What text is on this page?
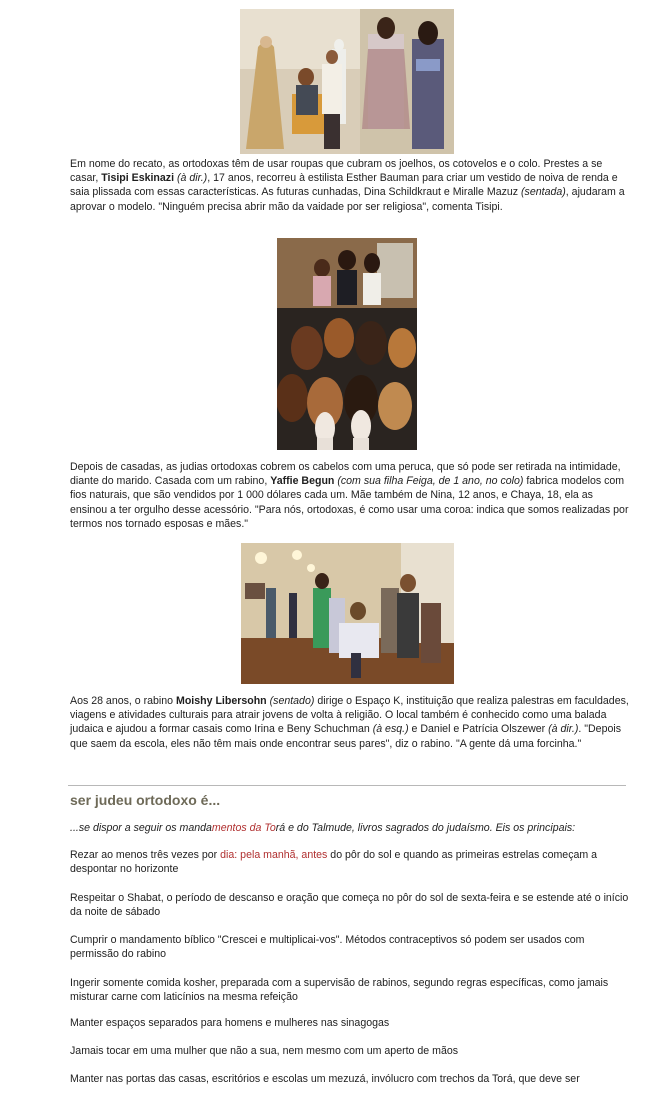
Em nome do recato, as ortodoxas têm de usar roupas que cubram os joelhos, os cotovelos e o colo. Prestes a se casar, Tisipi Eskinazi (à dir.), 17 anos, recorreu à estilista Esther Bauman para criar um vestido de noiva de renda e saia plissada com essas características. As futuras cunhadas, Dina Schildkraut e Miralle Mazuz (sentada), ajudaram a aprovar o modelo. "Ninguém precisa abrir mão da vaidade por ser religiosa", comenta Tisipi.

Depois de casadas, as judias ortodoxas cobrem os cabelos com uma peruca, que só pode ser retirada na intimidade, diante do marido. Casada com um rabino, Yaffie Begun (com sua filha Feiga, de 1 ano, no colo) fabrica modelos com fios naturais, que são vendidos por 1 000 dólares cada um. Mãe também de Nina, 12 anos, e Chaya, 18, ela as ensinou a ter orgulho desse acessório. "Para nós, ortodoxas, é como usar uma coroa: indica que somos realizadas por termos nos tornado esposas e mães."

Aos 28 anos, o rabino Moishy Libersohn (sentado) dirige o Espaço K, instituição que realiza palestras em faculdades, viagens e atividades culturais para atrair jovens de volta à religião. O local também é conhecido como uma balada judaica e ajudou a formar casais como Irina e Beny Schuchman (à esq.) e Daniel e Patrícia Olszewer (à dir.). "Depois que saem da escola, eles não têm mais onde encontrar seus pares", diz o rabino. "A gente dá uma forcinha."

ser judeu ortodoxo é...

...se dispor a seguir os mandamentos da Torá e do Talmude, livros sagrados do judaísmo. Eis os principais:

Rezar ao menos três vezes por dia: pela manhã, antes do pôr do sol e quando as primeiras estrelas começam a despontar no horizonte

Respeitar o Shabat, o período de descanso e oração que começa no pôr do sol de sexta-feira e se estende até o início da noite de sábado

Cumprir o mandamento bíblico "Crescei e multiplicai-vos". Métodos contraceptivos só podem ser usados com permissão do rabino

Ingerir somente comida kosher, preparada com a supervisão de rabinos, segundo regras específicas, como jamais misturar carne com laticínios na mesma refeição

Manter espaços separados para homens e mulheres nas sinagogas

Jamais tocar em uma mulher que não a sua, nem mesmo com um aperto de mãos

Manter nas portas das casas, escritórios e escolas um mezuzá, invólucro com trechos da Torá, que deve ser
